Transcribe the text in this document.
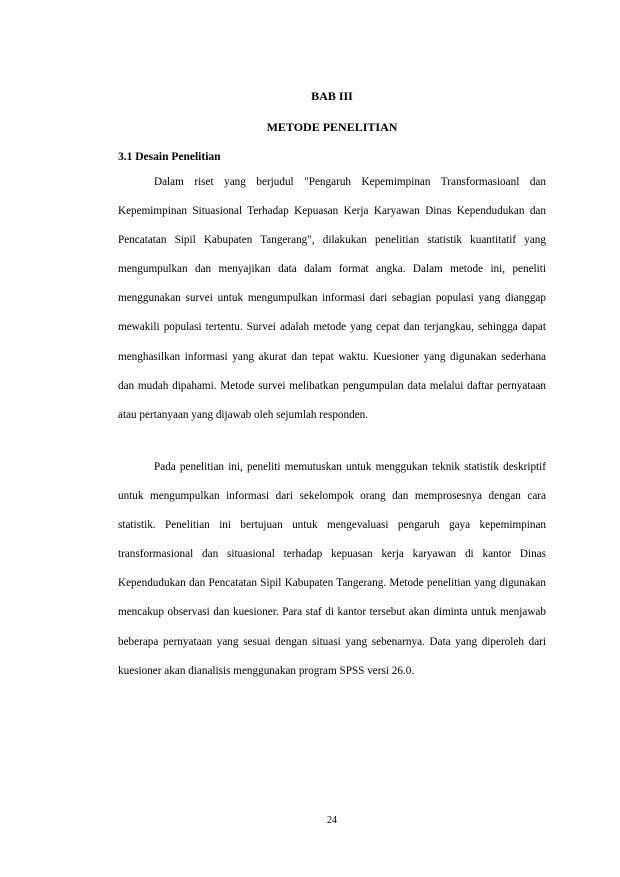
BAB III
METODE PENELITIAN
3.1 Desain Penelitian

Dalam riset yang berjudul "Pengaruh Kepemimpinan Transformasioanl dan Kepemimpinan Situasional Terhadap Kepuasan Kerja Karyawan Dinas Kependudukan dan Pencatatan Sipil Kabupaten Tangerang", dilakukan penelitian statistik kuantitatif yang mengumpulkan dan menyajikan data dalam format angka. Dalam metode ini, peneliti menggunakan survei untuk mengumpulkan informasi dari sebagian populasi yang dianggap mewakili populasi tertentu. Survei adalah metode yang cepat dan terjangkau, sehingga dapat menghasilkan informasi yang akurat dan tepat waktu. Kuesioner yang digunakan sederhana dan mudah dipahami. Metode survei melibatkan pengumpulan data melalui daftar pernyataan atau pertanyaan yang dijawab oleh sejumlah responden.

Pada penelitian ini, peneliti memutuskan untuk menggukan teknik statistik deskriptif untuk mengumpulkan informasi dari sekelompok orang dan memprosesnya dengan cara statistik. Penelitian ini bertujuan untuk mengevaluasi pengaruh gaya kepemimpinan transformasional dan situasional terhadap kepuasan kerja karyawan di kantor Dinas Kependudukan dan Pencatatan Sipil Kabupaten Tangerang. Metode penelitian yang digunakan mencakup observasi dan kuesioner. Para staf di kantor tersebut akan diminta untuk menjawab beberapa pernyataan yang sesuai dengan situasi yang sebenarnya. Data yang diperoleh dari kuesioner akan dianalisis menggunakan program SPSS versi 26.0.

24
